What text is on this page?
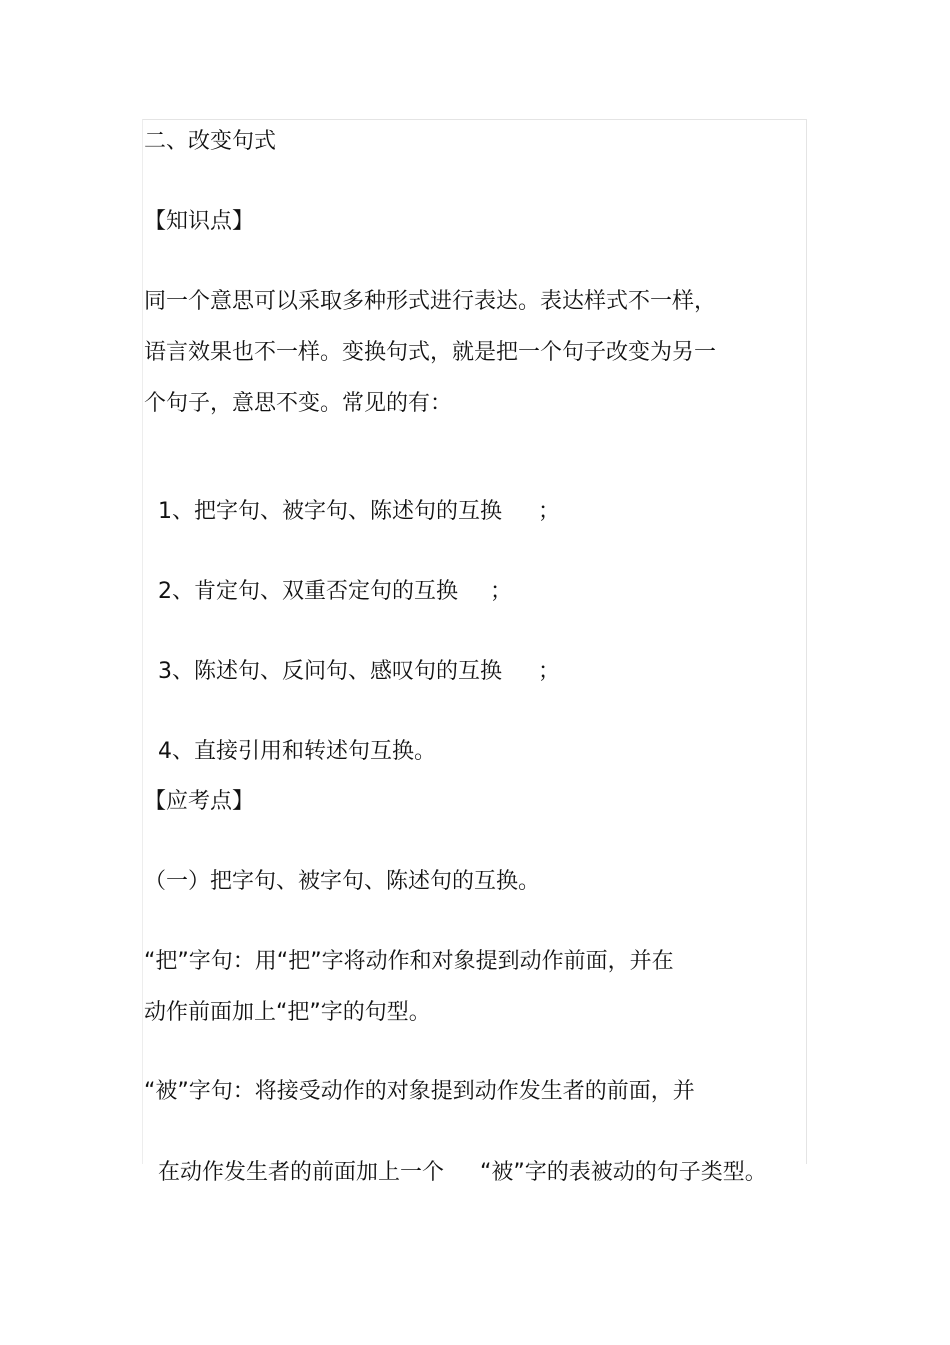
二、改变句式
【知识点】
同一个意思可以采取多种形式进行表达。表达样式不一样，
语言效果也不一样。变换句式，就是把一个句子改变为另一
个句子，意思不变。常见的有：

1、把字句、被字句、陈述句的互换 ；

2、肯定句、双重否定句的互换 ；

3、陈述句、反问句、感叹句的互换 ；

4、直接引用和转述句互换。

【应考点】
（一）把字句、被字句、陈述句的互换。
“把”字句：用“把”字将动作和对象提到动作前面，并在
动作前面加上“把”字的句型。
“被”字句：将接受动作的对象提到动作发生者的前面，并

在动作发生者的前面加上一个 “被”字的表被动的句子类型。
